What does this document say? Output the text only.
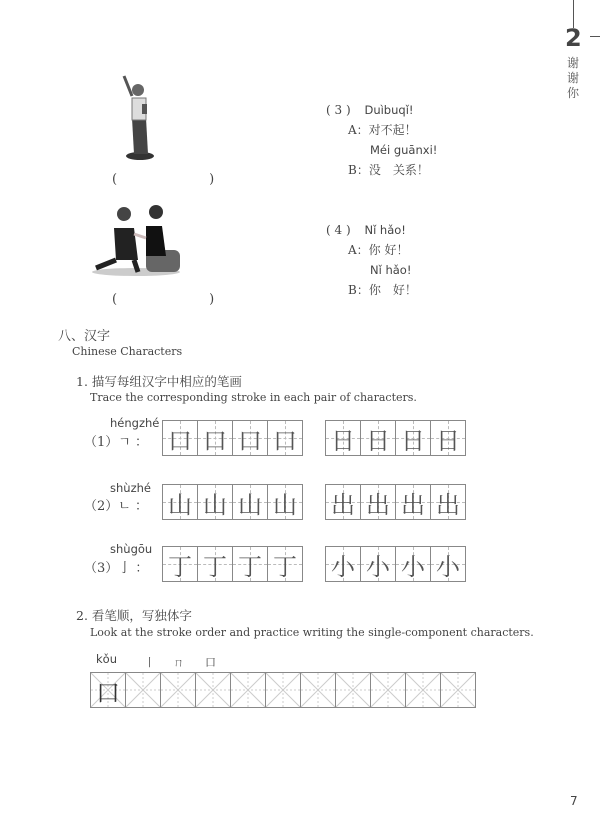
2
谢
谢
你
(　　)
(　　)
( 3 ) Duìbuqǐ!
A：对不起！
Méi guānxi!
B：没　关系！
( 4 ) Nǐ hǎo!
A：你 好！
Nǐ hǎo!
B：你　好！
八、汉字
Chinese Characters
1. 描写每组汉字中相应的笔画
Trace the corresponding stroke in each pair of characters.
héngzhé
（1）ㄱ ： 口 口 口 口 日 日 日 日
shùzhé
（2）ㄴ ： 山 山 山 山 出 出 出 出
shùgōu
（3）亅 ： 丁 丁 丁 丁 小 小 小 小
2. 看笔顺，写独体字
Look at the stroke order and practice writing the single-component characters.
kǒu 丨 ㄇ 口
口
7
